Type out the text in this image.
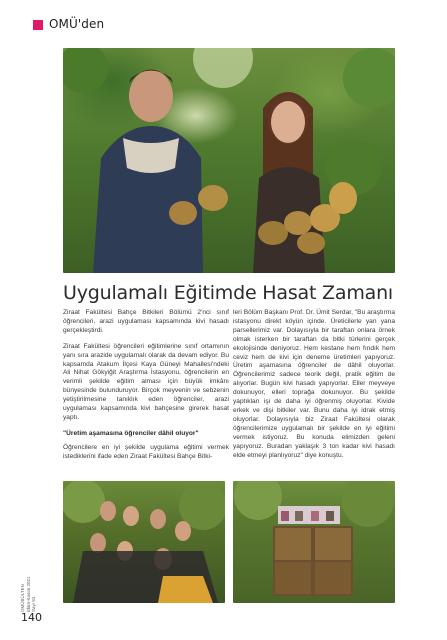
OMÜ'den
Uygulamalı Eğitimde Hasat Zamanı

Ziraat Fakültesi Bahçe Bitkileri Bölümü 2'nci sınıf öğrencileri, arazi uygulaması kapsamında kivi hasadı gerçekleştirdi.

Ziraat Fakültesi öğrencileri eğitimlerine sınıf ortamının yanı sıra arazide uygulamalı olarak da devam ediyor. Bu kapsamda Atakum İlçesi Kaya Güneyi Mahallesi'ndeki Ali Nihat Gökyiğit Araştırma İstasyonu, öğrencilerin en verimli şekilde eğitim alması için büyük imkânı bünyesinde bulunduruyor. Birçok meyvenin ve sebzenin yetiştirilmesine tanıklık eden öğrenciler, arazi uygulaması kapsamında kivi bahçesine girerek hasat yaptı.

"Üretim aşamasına öğrenciler dâhil oluyor"

Öğrencilere en iyi şekilde uygulama eğitimi vermek istediklerini ifade eden Ziraat Fakültesi Bahçe Bitki-

leri Bölüm Başkanı Prof. Dr. Ümit Serdar, "Bu araştırma istasyonu direkt köyün içinde. Üreticilerle yan yana parsellerimiz var. Dolayısıyla bir taraftan onlara örnek olmak isterken bir taraftan da bitki türlerini gerçek ekolojisinde deniyoruz. Hem kestane hem fındık hem ceviz hem de kivi için deneme üretimleri yapıyoruz. Üretim aşamasına öğrenciler de dâhil oluyorlar. Öğrencilerimiz sadece teorik değil, pratik eğitim de alıyorlar. Bugün kivi hasadı yapıyorlar. Eller meyveye dokunuyor, elleri toprağa dokunuyor. Bu şekilde yaptıkları işi de daha iyi öğrenmiş oluyorlar. Kivide erkek ve dişi bitkiler var. Bunu daha iyi idrak etmiş oluyorlar. Dolayısıyla biz Ziraat Fakültesi olarak öğrencilerimize uygulamalı bir şekilde en iyi eğitimi vermek istiyoruz. Bu konuda elimizden geleni yapıyoruz. Buradan yaklaşık 3 ton kadar kivi hasadı elde etmeyi planlıyoruz" diye konuştu.

OMÜBÜLTEN Ekim-Kasım 2021 Sayı 84
140
